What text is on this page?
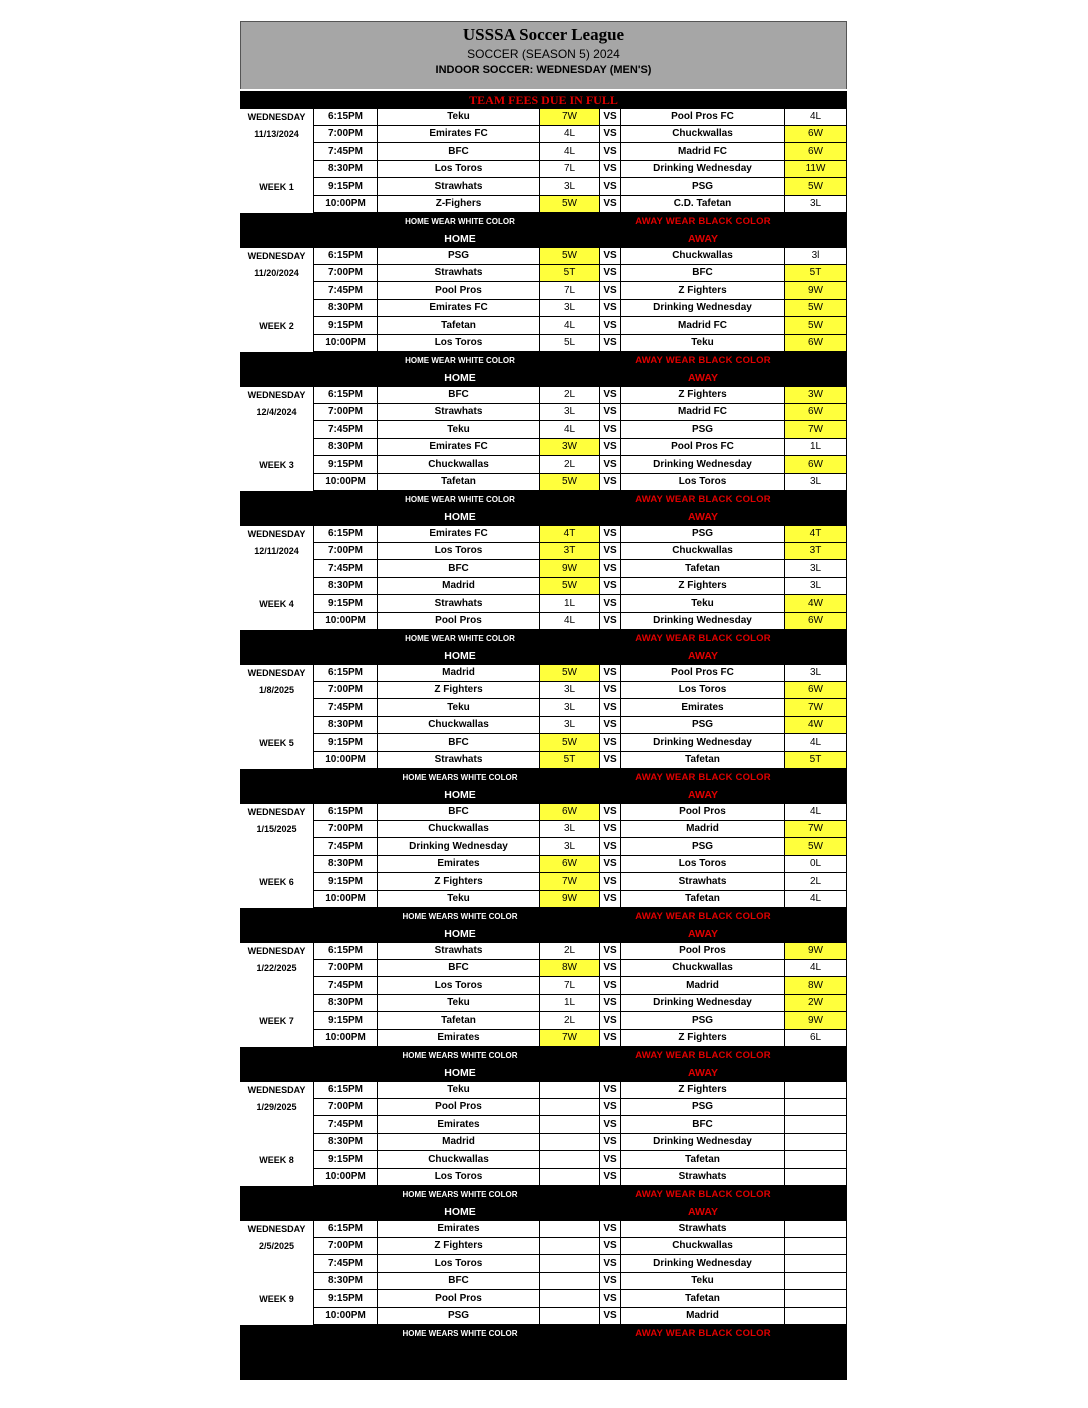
USSSA Soccer League
SOCCER (SEASON 5) 2024
INDOOR SOCCER: WEDNESDAY (MEN'S)
TEAM FEES DUE IN FULL
WEDNESDAY	6:15PM	Teku	7W	VS	Pool Pros FC	4L
11/13/2024	7:00PM	Emirates FC	4L	VS	Chuckwallas	6W
7:45PM	BFC	4L	VS	Madrid FC	6W
8:30PM	Los Toros	7L	VS	Drinking Wednesday	11W
WEEK 1	9:15PM	Strawhats	3L	VS	PSG	5W
10:00PM	Z-Fighers	5W	VS	C.D. Tafetan	3L
HOME WEAR WHITE COLOR	AWAY WEAR BLACK COLOR
HOME	AWAY
WEDNESDAY	6:15PM	PSG	5W	VS	Chuckwallas	3l
11/20/2024	7:00PM	Strawhats	5T	VS	BFC	5T
7:45PM	Pool Pros	7L	VS	Z Fighters	9W
8:30PM	Emirates FC	3L	VS	Drinking Wednesday	5W
WEEK 2	9:15PM	Tafetan	4L	VS	Madrid FC	5W
10:00PM	Los Toros	5L	VS	Teku	6W
HOME WEAR WHITE COLOR	AWAY WEAR BLACK COLOR
HOME	AWAY
WEDNESDAY	6:15PM	BFC	2L	VS	Z Fighters	3W
12/4/2024	7:00PM	Strawhats	3L	VS	Madrid FC	6W
7:45PM	Teku	4L	VS	PSG	7W
8:30PM	Emirates FC	3W	VS	Pool Pros FC	1L
WEEK 3	9:15PM	Chuckwallas	2L	VS	Drinking Wednesday	6W
10:00PM	Tafetan	5W	VS	Los Toros	3L
HOME WEAR WHITE COLOR	AWAY WEAR BLACK COLOR
HOME	AWAY
WEDNESDAY	6:15PM	Emirates FC	4T	VS	PSG	4T
12/11/2024	7:00PM	Los Toros	3T	VS	Chuckwallas	3T
7:45PM	BFC	9W	VS	Tafetan	3L
8:30PM	Madrid	5W	VS	Z Fighters	3L
WEEK 4	9:15PM	Strawhats	1L	VS	Teku	4W
10:00PM	Pool Pros	4L	VS	Drinking Wednesday	6W
HOME WEAR WHITE COLOR	AWAY WEAR BLACK COLOR
HOME	AWAY
WEDNESDAY	6:15PM	Madrid	5W	VS	Pool Pros FC	3L
1/8/2025	7:00PM	Z Fighters	3L	VS	Los Toros	6W
7:45PM	Teku	3L	VS	Emirates	7W
8:30PM	Chuckwallas	3L	VS	PSG	4W
WEEK 5	9:15PM	BFC	5W	VS	Drinking Wednesday	4L
10:00PM	Strawhats	5T	VS	Tafetan	5T
HOME WEARS WHITE COLOR	AWAY WEAR BLACK COLOR
HOME	AWAY
WEDNESDAY	6:15PM	BFC	6W	VS	Pool Pros	4L
1/15/2025	7:00PM	Chuckwallas	3L	VS	Madrid	7W
7:45PM	Drinking Wednesday	3L	VS	PSG	5W
8:30PM	Emirates	6W	VS	Los Toros	0L
WEEK 6	9:15PM	Z Fighters	7W	VS	Strawhats	2L
10:00PM	Teku	9W	VS	Tafetan	4L
HOME WEARS WHITE COLOR	AWAY WEAR BLACK COLOR
HOME	AWAY
WEDNESDAY	6:15PM	Strawhats	2L	VS	Pool Pros	9W
1/22/2025	7:00PM	BFC	8W	VS	Chuckwallas	4L
7:45PM	Los Toros	7L	VS	Madrid	8W
8:30PM	Teku	1L	VS	Drinking Wednesday	2W
WEEK 7	9:15PM	Tafetan	2L	VS	PSG	9W
10:00PM	Emirates	7W	VS	Z Fighters	6L
HOME WEARS WHITE COLOR	AWAY WEAR BLACK COLOR
HOME	AWAY
WEDNESDAY	6:15PM	Teku	VS	Z Fighters
1/29/2025	7:00PM	Pool Pros	VS	PSG
7:45PM	Emirates	VS	BFC
8:30PM	Madrid	VS	Drinking Wednesday
WEEK 8	9:15PM	Chuckwallas	VS	Tafetan
10:00PM	Los Toros	VS	Strawhats
HOME WEARS WHITE COLOR	AWAY WEAR BLACK COLOR
HOME	AWAY
WEDNESDAY	6:15PM	Emirates	VS	Strawhats
2/5/2025	7:00PM	Z Fighters	VS	Chuckwallas
7:45PM	Los Toros	VS	Drinking Wednesday
8:30PM	BFC	VS	Teku
WEEK 9	9:15PM	Pool Pros	VS	Tafetan
10:00PM	PSG	VS	Madrid
HOME WEARS WHITE COLOR	AWAY WEAR BLACK COLOR
